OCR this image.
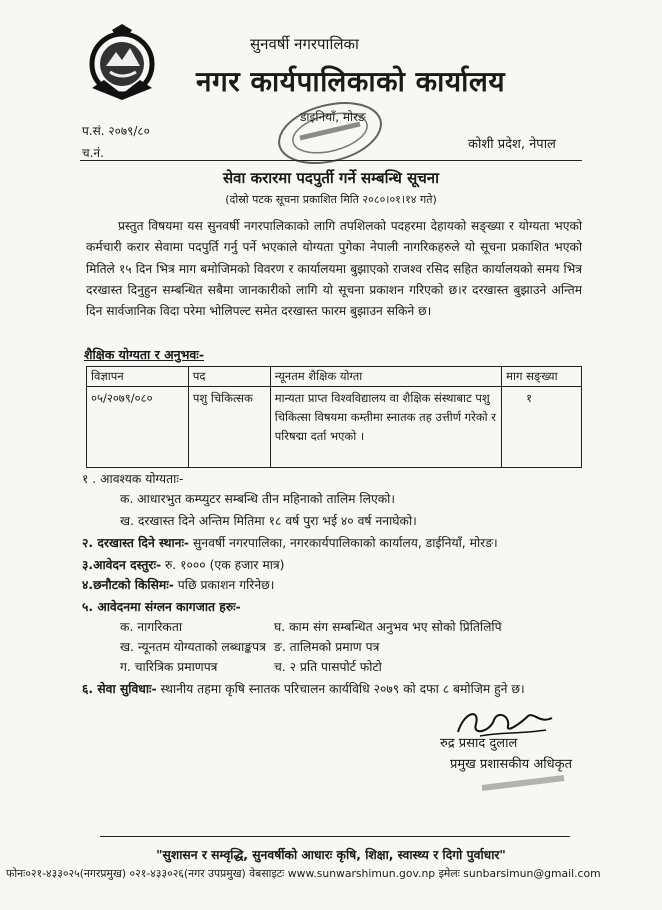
सुनवर्षी नगरपालिका
नगर कार्यपालिकाको कार्यालय
डाइनियाँ, मोरङ
प.सं. २०७९/८०
च.नं.
कोशी प्रदेश, नेपाल
सेवा करारमा पदपुर्ती गर्ने सम्बन्धि सूचना
(दोस्रो पटक सूचना प्रकाशित मिति २०८०।०१।१४ गते)

प्रस्तुत विषयमा यस सुनवर्षी नगरपालिकाको लागि तपशिलको पदहरमा देहायको सङ्ख्या र योग्यता भएको कर्मचारी करार सेवामा पदपुर्ति गर्नु पर्ने भएकाले योग्यता पुगेका नेपाली नागरिकहरुले यो सूचना प्रकाशित भएको मितिले १५ दिन भित्र माग बमोजिमको विवरण र कार्यालयमा बुझाएको राजश्व रसिद सहित कार्यालयको समय भित्र दरखास्त दिनुहुन सम्बन्धित सबैमा जानकारीको लागि यो सूचना प्रकाशन गरिएको छ।र दरखास्त बुझाउने अन्तिम दिन सार्वजानिक विदा परेमा भोलिपल्ट समेत दरखास्त फारम बुझाउन सकिने छ।

शैक्षिक योग्यता र अनुभवः-
विज्ञापन	पद	न्यूनतम शैक्षिक योग्ता	माग सङ्ख्या
०५/२०७९/०८०	पशु चिकित्सक	मान्यता प्राप्त विश्वविद्यालय वा शैक्षिक संस्थाबाट पशु चिकित्सा विषयमा कम्तीमा स्नातक तह उत्तीर्ण गरेको र परिषद्मा दर्ता भएको ।	१
१ . आवश्यक योग्यताः-
क. आधारभुत कम्प्युटर सम्बन्धि तीन महिनाको तालिम लिएको।
ख. दरखास्त दिने अन्तिम मितिमा १८ वर्ष पुरा भई ४० वर्ष ननाघेको।
२. दरखास्त दिने स्थानः- सुनवर्षी नगरपालिका, नगरकार्यपालिकाको कार्यालय, डाईनियाँ, मोरङ।
३.आवेदन दस्तुरः- रु. १००० (एक हजार मात्र)
४.छनौटको किसिमः- पछि प्रकाशन गरिनेछ।
५. आवेदनमा संग्लन कागजात हरुः-
क. नागरिकता	घ. काम संग सम्बन्धित अनुभव भए सोको प्रितिलिपि
ख. न्यूनतम योग्यताको लब्धाङ्कपत्र ङ. तालिमको प्रमाण पत्र
ग. चारित्रिक प्रमाणपत्र	च. २ प्रति पासपोर्ट फोटो
६. सेवा सुविधाः- स्थानीय तहमा कृषि स्नातक परिचालन कार्यविधि २०७९ को दफा ८ बमोजिम हुने छ।
रुद्र प्रसाद दुलाल
प्रमुख प्रशासकीय अधिकृत
"सुशासन र सम्वृद्धि, सुनवर्षीको आधारः कृषि, शिक्षा, स्वास्थ्य र दिगो पुर्वाधार"
फोनः०२१-४३३०२५(नगरप्रमुख) ०२१-४३३०२६(नगर उपप्रमुख) वेबसाइटः www.sunwarshimun.gov.np इमेलः sunbarsimun@gmail.com
